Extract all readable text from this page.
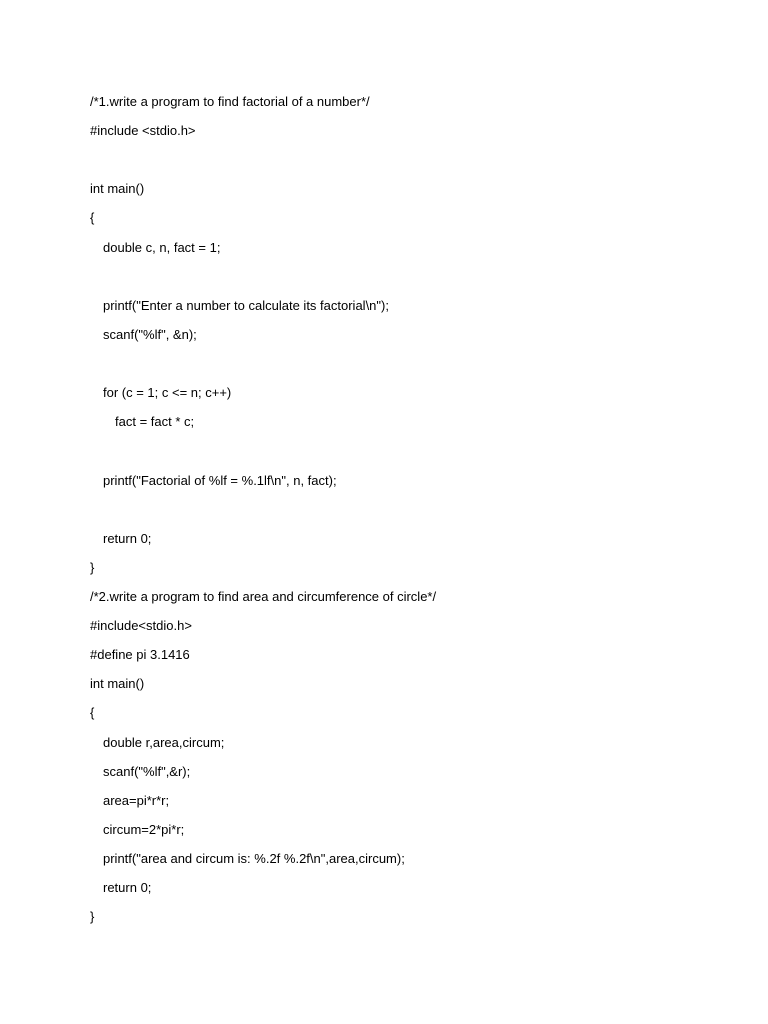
/*1.write a program to find factorial of a number*/
#include <stdio.h>
int main()
{
double c, n, fact = 1;
printf("Enter a number to calculate its factorial\n");
scanf("%lf", &n);
for (c = 1; c <= n; c++)
fact = fact * c;
printf("Factorial of %lf = %.1lf\n", n, fact);
return 0;
}
/*2.write a program to find area and circumference of circle*/
#include<stdio.h>
#define pi 3.1416
int main()
{
double r,area,circum;
scanf("%lf",&r);
area=pi*r*r;
circum=2*pi*r;
printf("area and circum is: %.2f %.2f\n",area,circum);
return 0;
}
